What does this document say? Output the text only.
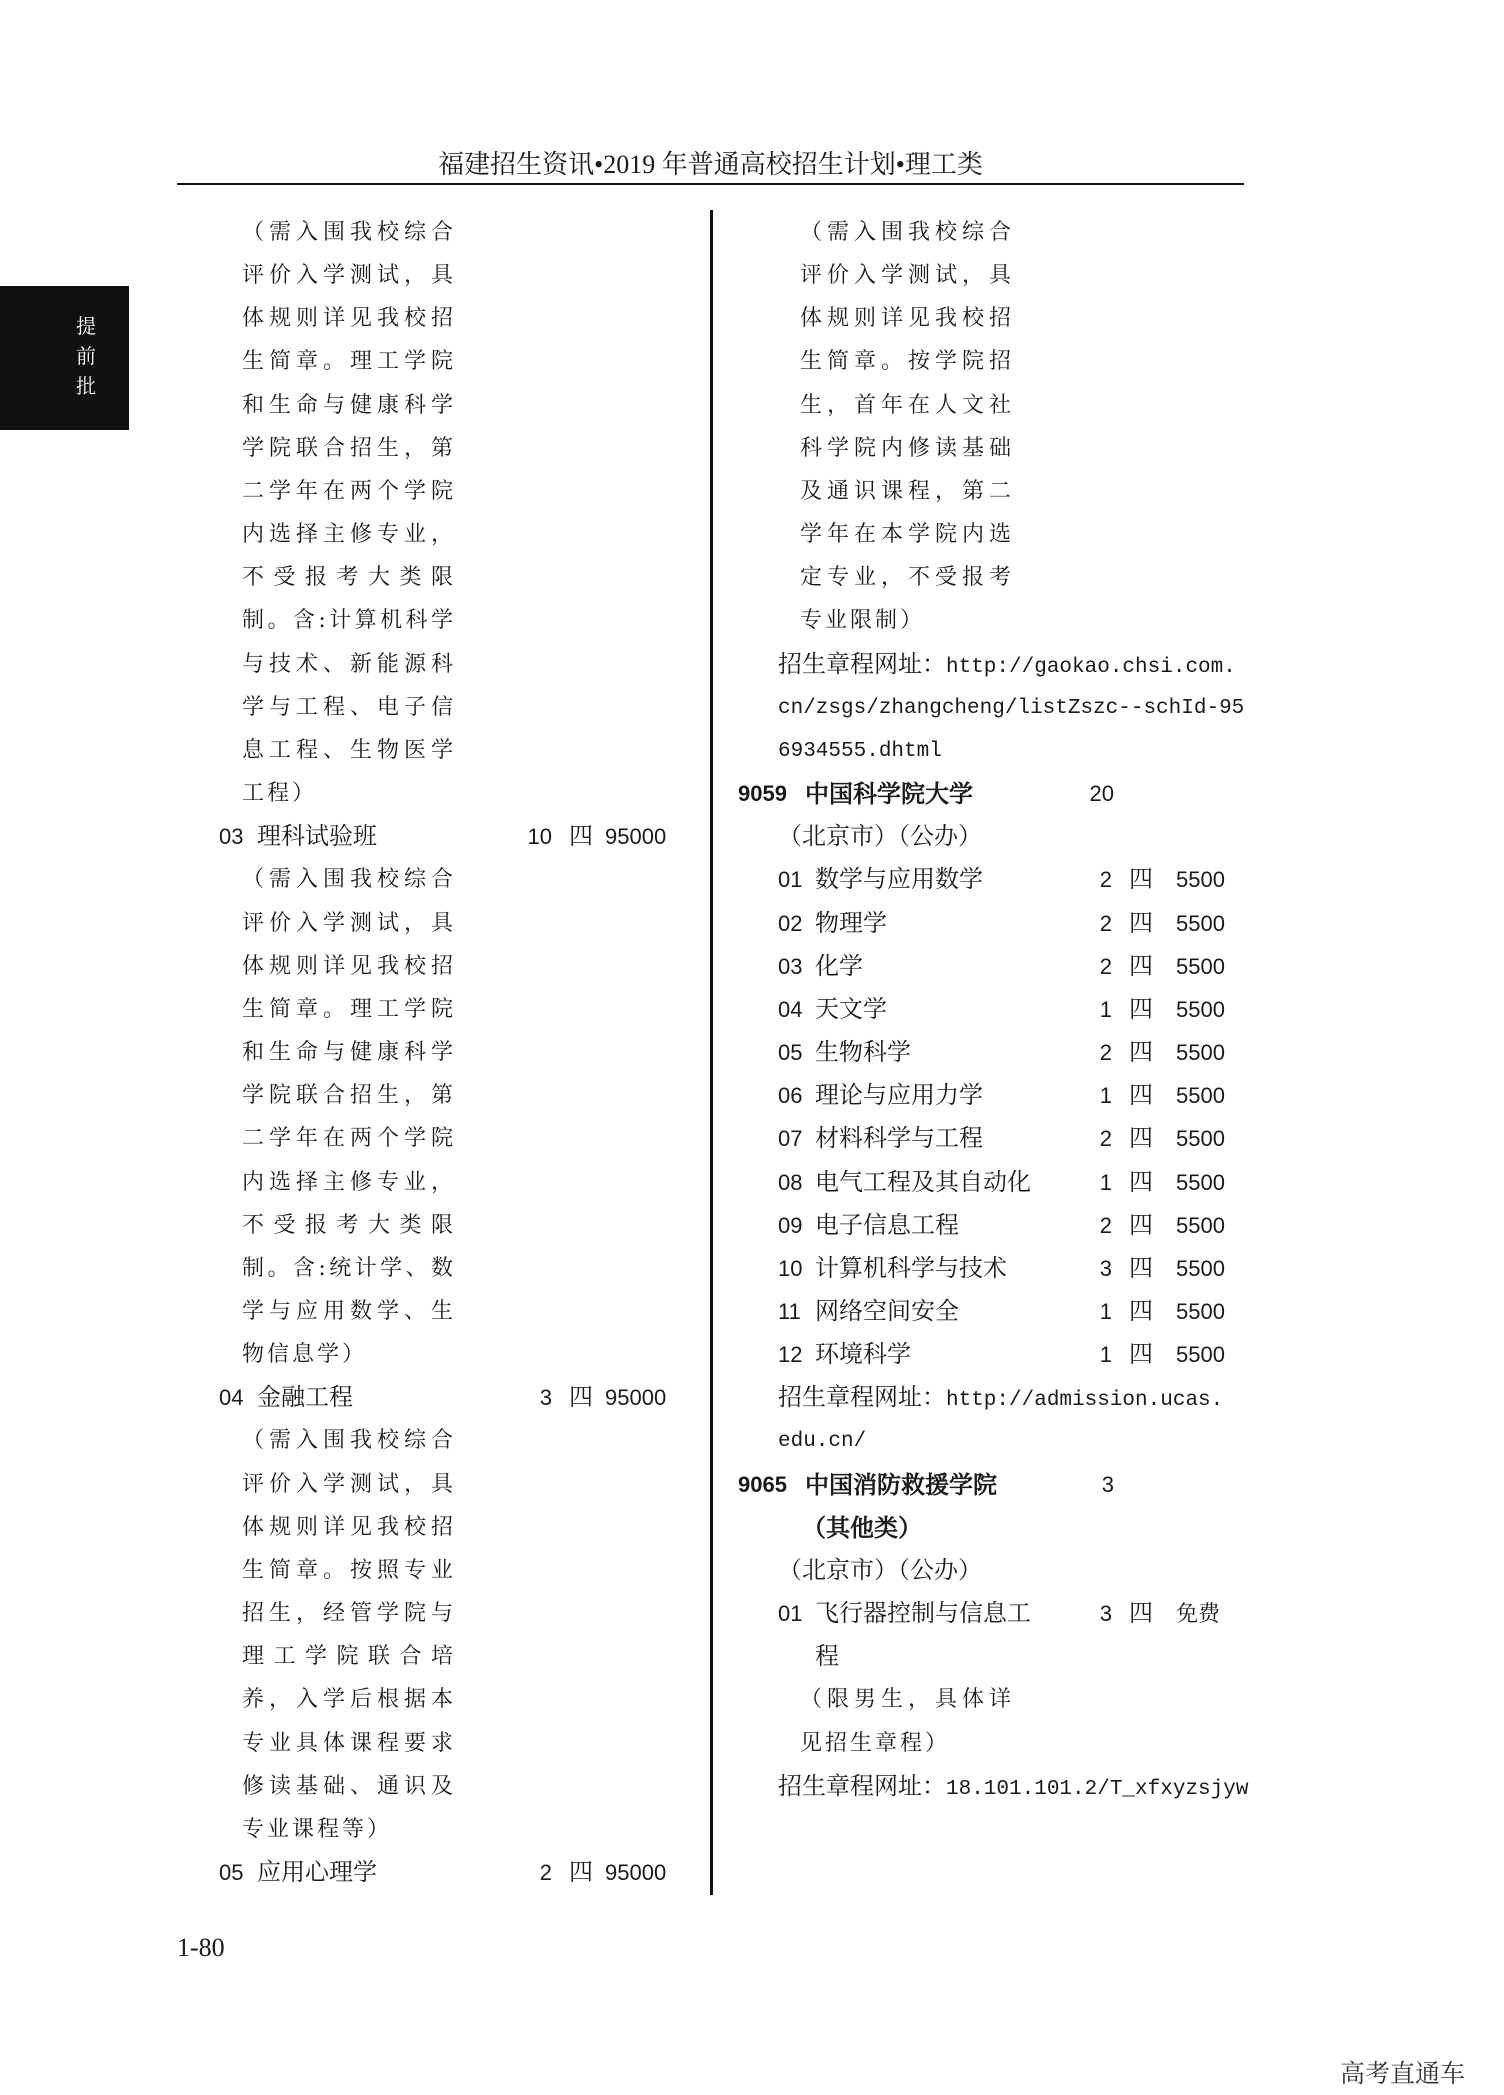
提
前
批
福建招生资讯•2019 年普通高校招生计划•理工类
（需入围我校综合
评价入学测试，具
体规则详见我校招
生简章。理工学院
和生命与健康科学
学院联合招生，第
二学年在两个学院
内选择主修专业，
不受报考大类限
制。含:计算机科学
与技术、新能源科
学与工程、电子信
息工程、生物医学
工程）
03 理科试验班	10 四 95000
（需入围我校综合
评价入学测试，具
体规则详见我校招
生简章。理工学院
和生命与健康科学
学院联合招生，第
二学年在两个学院
内选择主修专业，
不受报考大类限
制。含:统计学、数
学与应用数学、生
物信息学）
04 金融工程	3 四 95000
（需入围我校综合
评价入学测试，具
体规则详见我校招
生简章。按照专业
招生，经管学院与
理工学院联合培
养，入学后根据本
专业具体课程要求
修读基础、通识及
专业课程等）
05 应用心理学	2 四 95000
（需入围我校综合
评价入学测试，具
体规则详见我校招
生简章。按学院招
生，首年在人文社
科学院内修读基础
及通识课程，第二
学年在本学院内选
定专业，不受报考
专业限制）
招生章程网址：http://gaokao.chsi.com.
cn/zsgs/zhangcheng/listZszc--schId-95
6934555.dhtml
9059 中国科学院大学	20
（北京市）（公办）
01 数学与应用数学	2 四 5500
02 物理学	2 四 5500
03 化学	2 四 5500
04 天文学	1 四 5500
05 生物科学	2 四 5500
06 理论与应用力学	1 四 5500
07 材料科学与工程	2 四 5500
08 电气工程及其自动化	1 四 5500
09 电子信息工程	2 四 5500
10 计算机科学与技术	3 四 5500
11 网络空间安全	1 四 5500
12 环境科学	1 四 5500
招生章程网址：http://admission.ucas.
edu.cn/
9065 中国消防救援学院	3
（其他类）
（北京市）（公办）
01 飞行器控制与信息工	3 四 免费
程
（限男生，具体详
见招生章程）
招生章程网址：18.101.101.2/T_xfxyzsjyw
1-80
高考直通车
